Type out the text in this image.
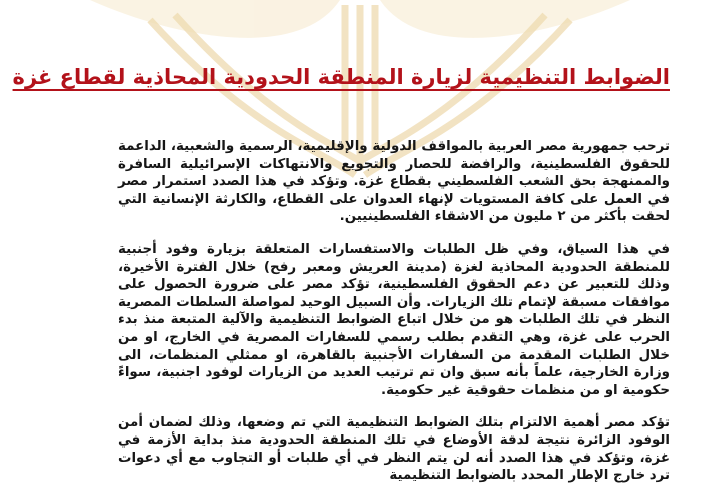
الضوابط التنظيمية لزيارة المنطقة الحدودية المحاذية لقطاع غزة

ترحب جمهورية مصر العربية بالمواقف الدولية والإقليمية، الرسمية والشعبية، الداعمة للحقوق الفلسطينية، والرافضة للحصار والتجويع والانتهاكات الإسرائيلية السافرة والممنهجة بحق الشعب الفلسطيني بقطاع غزة. وتؤكد في هذا الصدد استمرار مصر في العمل على كافة المستويات لإنهاء العدوان على القطاع، والكارثة الإنسانية التي لحقت بأكثر من ٢ مليون من الاشقاء الفلسطينيين.

في هذا السياق، وفي ظل الطلبات والاستفسارات المتعلقة بزيارة وفود أجنبية للمنطقة الحدودية المحاذية لغزة (مدينة العريش ومعبر رفح) خلال الفترة الأخيرة، وذلك للتعبير عن دعم الحقوق الفلسطينية، تؤكد مصر على ضرورة الحصول على موافقات مسبقة لإتمام تلك الزيارات. وأن السبيل الوحيد لمواصلة السلطات المصرية النظر في تلك الطلبات هو من خلال اتباع الضوابط التنظيمية والآلية المتبعة منذ بدء الحرب على غزة، وهي التقدم بطلب رسمي للسفارات المصرية في الخارج، او من خلال الطلبات المقدمة من السفارات الأجنبية بالقاهرة، او ممثلي المنظمات، الى وزارة الخارجية، علماً بأنه سبق وان تم ترتيب العديد من الزيارات لوفود اجنبية، سواءً حكومية او من منظمات حقوقية غير حكومية.

تؤكد مصر أهمية الالتزام بتلك الضوابط التنظيمية التي تم وضعها، وذلك لضمان أمن الوفود الزائرة نتيجة لدقة الأوضاع في تلك المنطقة الحدودية منذ بداية الأزمة في غزة، وتؤكد في هذا الصدد أنه لن يتم النظر في أي طلبات أو التجاوب مع أي دعوات ترد خارج الإطار المحدد بالضوابط التنظيمية
